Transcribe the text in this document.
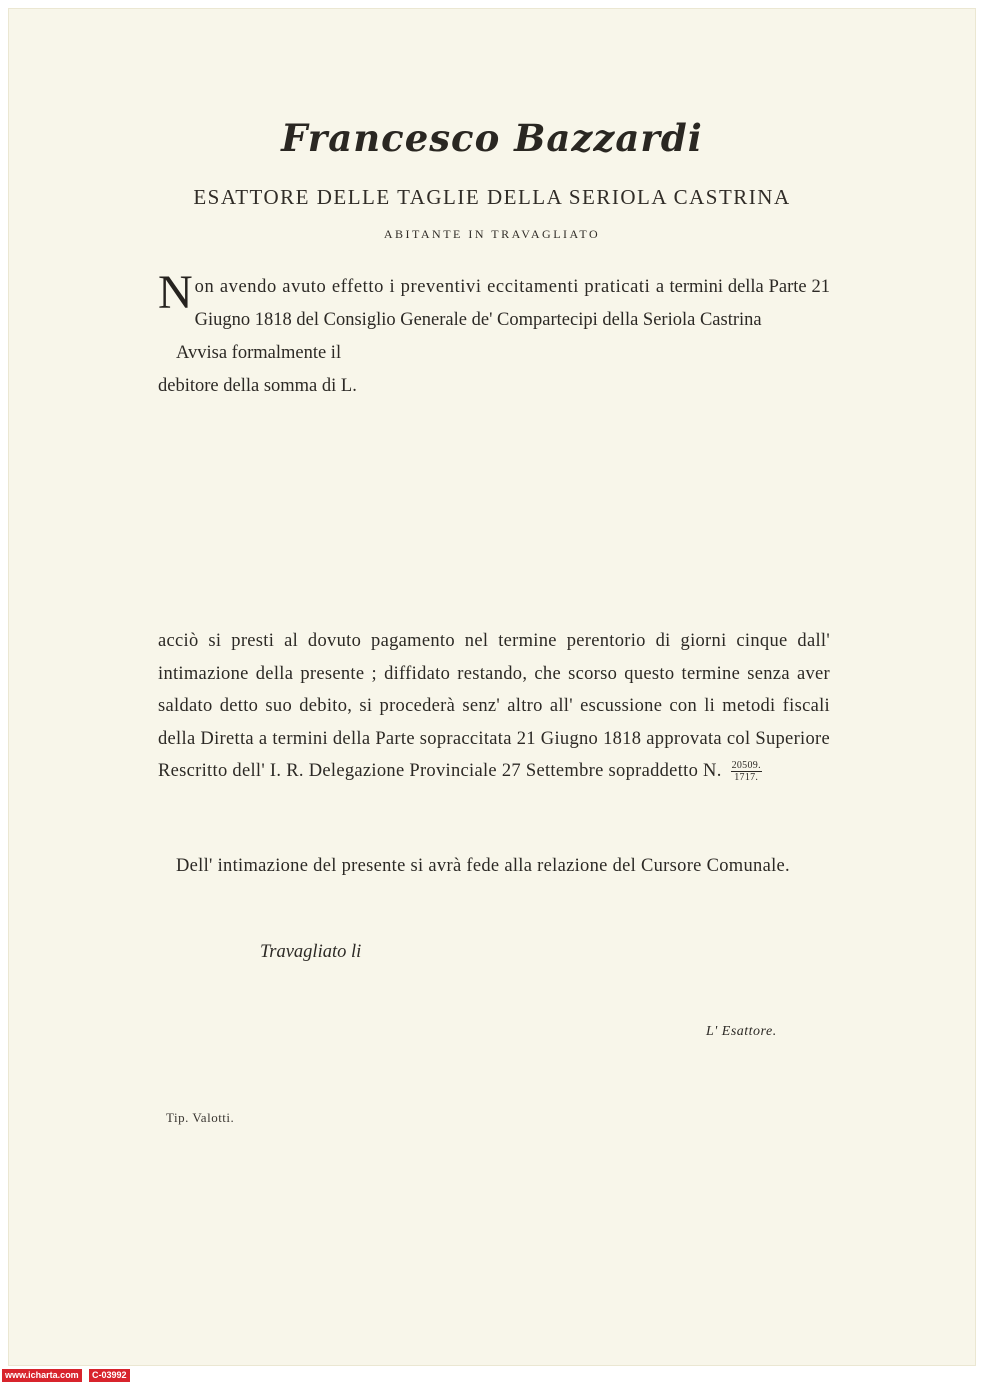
Francesco Bazzardi

ESATTORE DELLE TAGLIE DELLA SERIOLA CASTRINA

ABITANTE IN TRAVAGLIATO

N on avendo avuto effetto i preventivi eccitamenti praticati a termini della Parte 21 Giugno 1818 del Consiglio Generale de' Compartecipi della Seriola Castrina
Avvisa formalmente il
debitore della somma di L.
acciò si presti al dovuto pagamento nel termine perentorio di giorni cinque dall' intimazione della presente ; diffidato restando, che scorso questo termine senza aver saldato detto suo debito, si procederà senz' altro all' escussione con li metodi fiscali della Diretta a termini della Parte sopraccitata 21 Giugno 1818 approvata col Superiore Rescritto dell' I. R. Delegazione Provinciale 27 Settembre sopraddetto N. $\frac{20509.}{1717.}$
Dell' intimazione del presente si avrà fede alla relazione del Cursore Comunale.

Travagliato li

L' Esattore.

Tip. Valotti.

www.icharta.com	C-03992
